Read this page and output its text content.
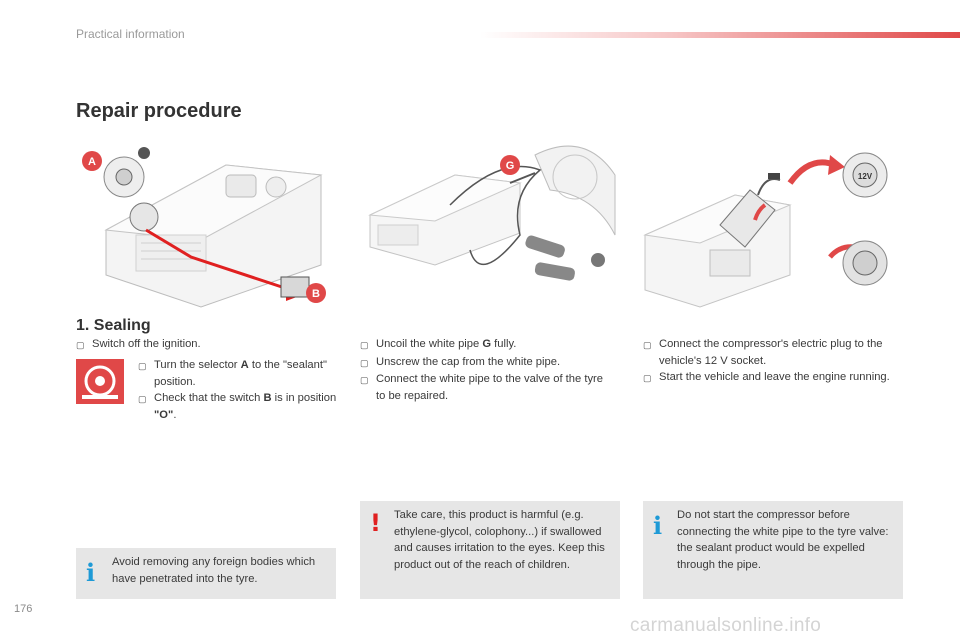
Practical information
Repair procedure
A
B
G
12V
1. Sealing
▢ Switch off the ignition.
▢ Turn the selector A to the "sealant" position.
▢ Check that the switch B is in position "O".
▢ Uncoil the white pipe G fully.
▢ Unscrew the cap from the white pipe.
▢ Connect the white pipe to the valve of the tyre to be repaired.
▢ Connect the compressor's electric plug to the vehicle's 12 V socket.
▢ Start the vehicle and leave the engine running.
i Avoid removing any foreign bodies which have penetrated into the tyre.
! Take care, this product is harmful (e.g. ethylene-glycol, colophony...) if swallowed and causes irritation to the eyes. Keep this product out of the reach of children.
i Do not start the compressor before connecting the white pipe to the tyre valve: the sealant product would be expelled through the pipe.
176
carmanualsonline.info
